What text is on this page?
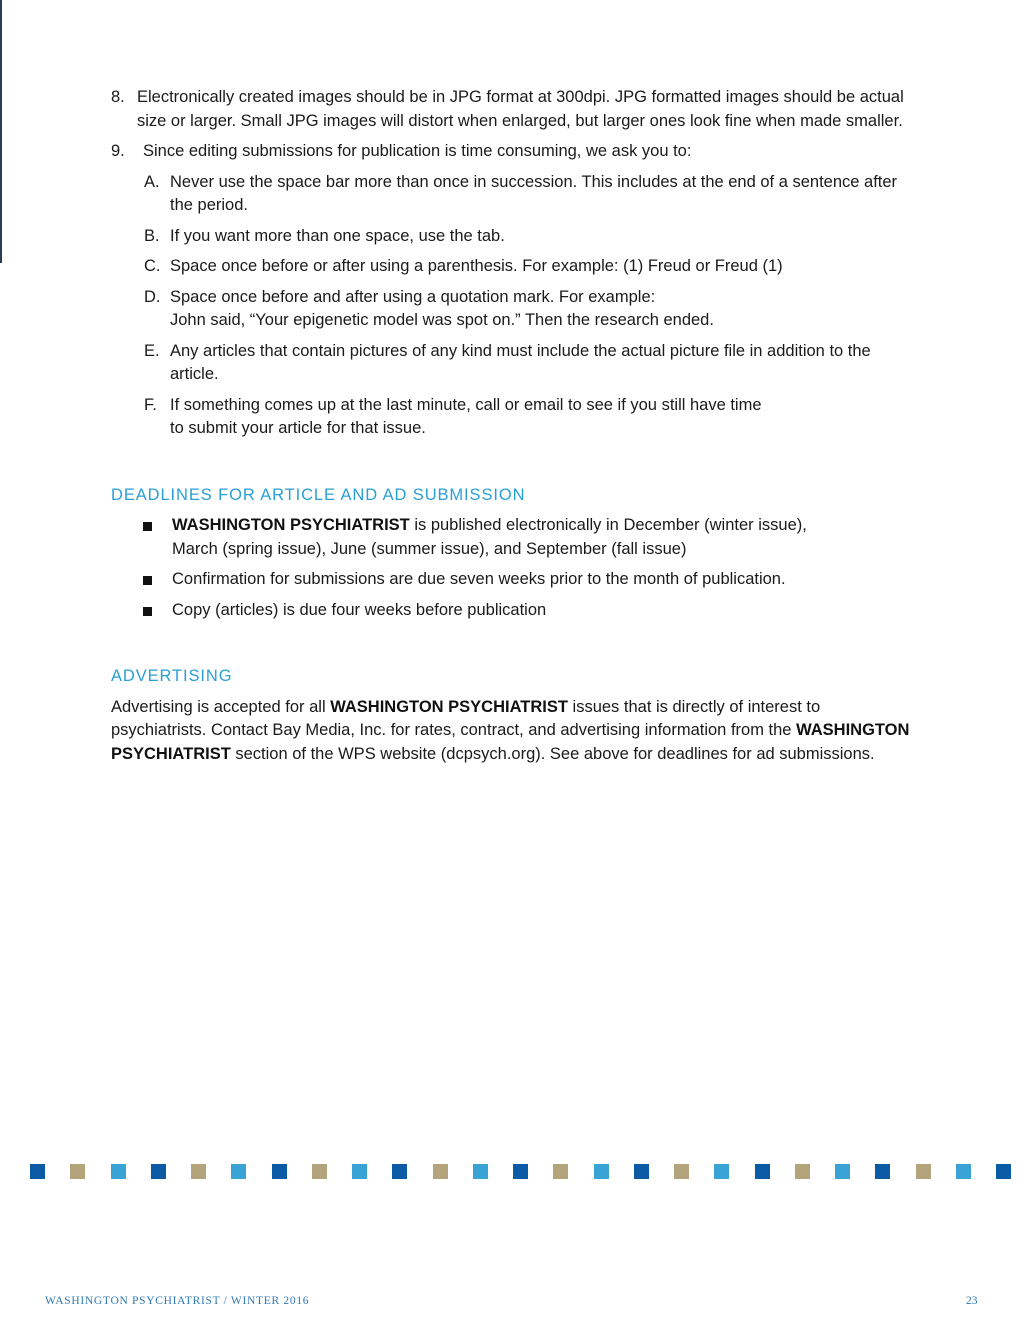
8. Electronically created images should be in JPG format at 300dpi. JPG formatted images should be actual size or larger. Small JPG images will distort when enlarged, but larger ones look fine when made smaller.
9. Since editing submissions for publication is time consuming, we ask you to:
A. Never use the space bar more than once in succession. This includes at the end of a sentence after the period.
B. If you want more than one space, use the tab.
C. Space once before or after using a parenthesis. For example: (1) Freud or Freud (1)
D. Space once before and after using a quotation mark. For example:
John said, “Your epigenetic model was spot on.” Then the research ended.
E. Any articles that contain pictures of any kind must include the actual picture file in addition to the article.
F. If something comes up at the last minute, call or email to see if you still have time
to submit your article for that issue.
DEADLINES FOR ARTICLE AND AD SUBMISSION
WASHINGTON PSYCHIATRIST is published electronically in December (winter issue),
March (spring issue), June (summer issue), and September (fall issue)
Confirmation for submissions are due seven weeks prior to the month of publication.
Copy (articles) is due four weeks before publication
ADVERTISING

Advertising is accepted for all WASHINGTON PSYCHIATRIST issues that is directly of interest to psychiatrists. Contact Bay Media, Inc. for rates, contract, and advertising information from the WASHINGTON PSYCHIATRIST section of the WPS website (dcpsych.org). See above for deadlines for ad submissions.

WASHINGTON PSYCHIATRIST / WINTER 2016	23
